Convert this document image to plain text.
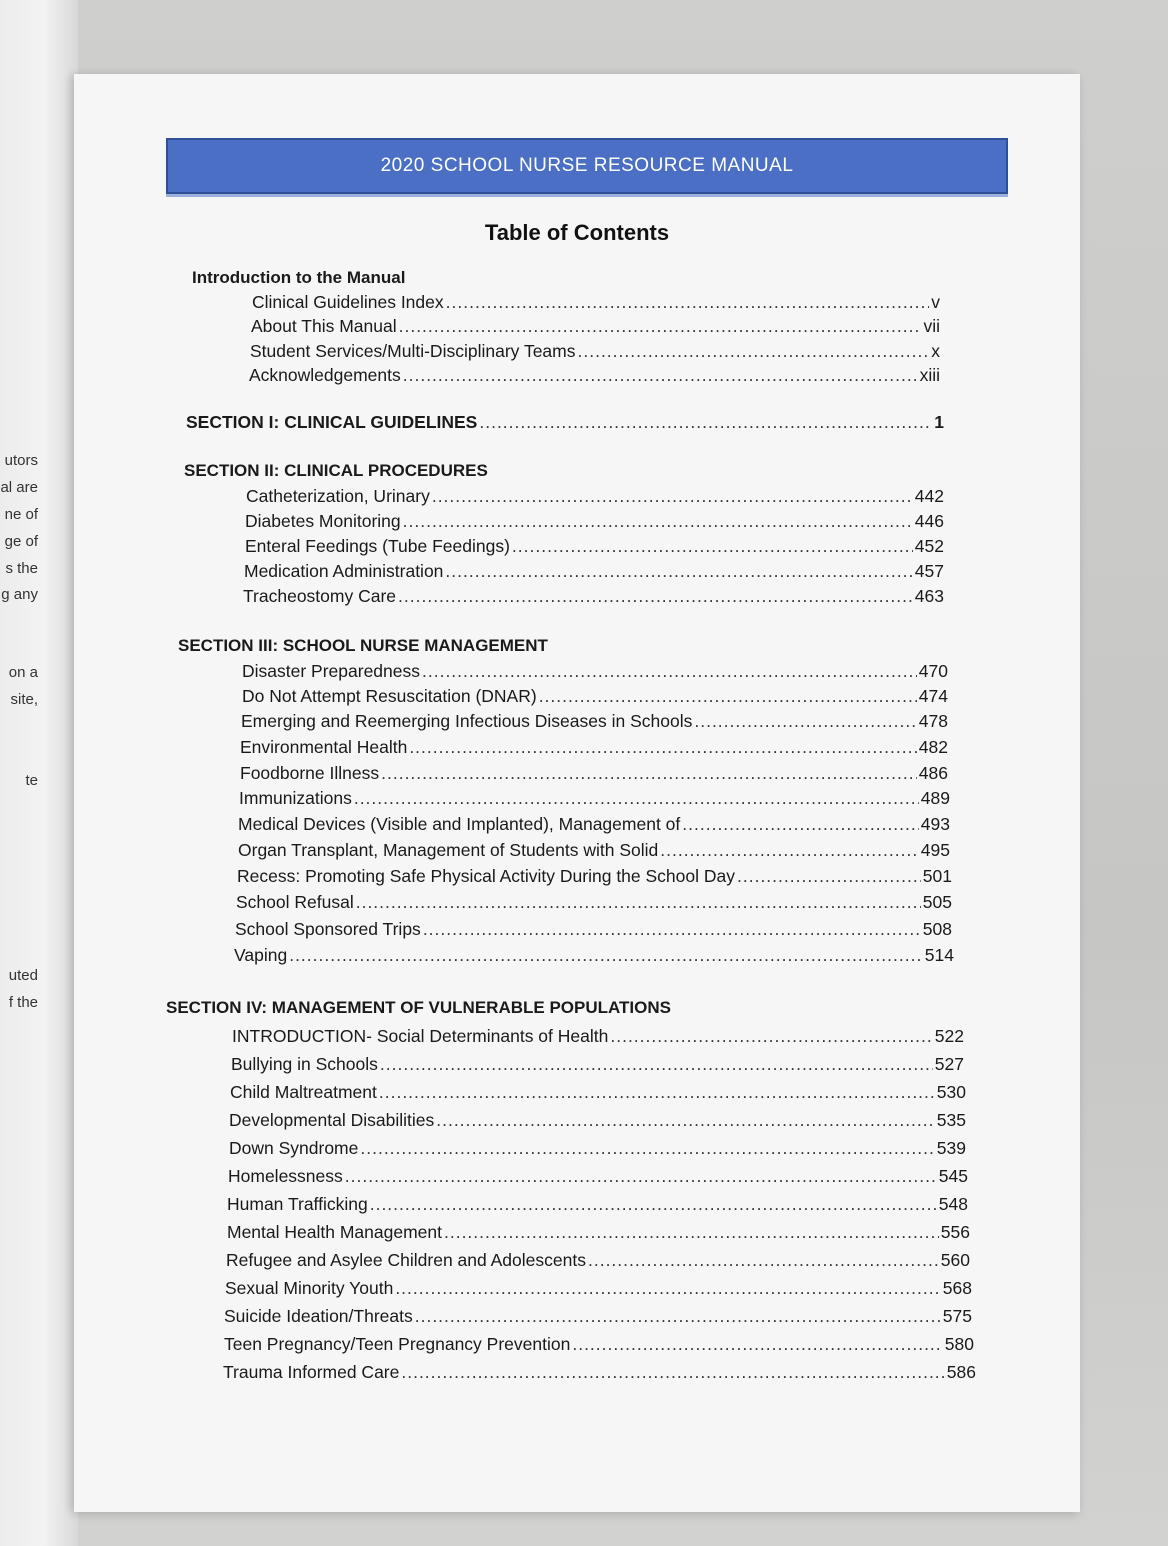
utors
al are
ne of
ge of
s the
g any
on a
site,
te
uted
f the
2020 SCHOOL NURSE RESOURCE MANUAL
Table of Contents
Introduction to the Manual
Clinical Guidelines Index .....	v
About This Manual .....	vii
Student Services/Multi-Disciplinary Teams .....	x
Acknowledgements .....	xiii
SECTION I: CLINICAL GUIDELINES .....	1
SECTION II: CLINICAL PROCEDURES
Catheterization, Urinary .....	442
Diabetes Monitoring .....	446
Enteral Feedings (Tube Feedings) .....	452
Medication Administration .....	457
Tracheostomy Care .....	463
SECTION III: SCHOOL NURSE MANAGEMENT
Disaster Preparedness .....	470
Do Not Attempt Resuscitation (DNAR) .....	474
Emerging and Reemerging Infectious Diseases in Schools .....	478
Environmental Health .....	482
Foodborne Illness .....	486
Immunizations .....	489
Medical Devices (Visible and Implanted), Management of .....	493
Organ Transplant, Management of Students with Solid .....	495
Recess: Promoting Safe Physical Activity During the School Day .....	501
School Refusal .....	505
School Sponsored Trips .....	508
Vaping .....	514
SECTION IV: MANAGEMENT OF VULNERABLE POPULATIONS
INTRODUCTION- Social Determinants of Health .....	522
Bullying in Schools .....	527
Child Maltreatment .....	530
Developmental Disabilities .....	535
Down Syndrome .....	539
Homelessness .....	545
Human Trafficking .....	548
Mental Health Management .....	556
Refugee and Asylee Children and Adolescents .....	560
Sexual Minority Youth .....	568
Suicide Ideation/Threats .....	575
Teen Pregnancy/Teen Pregnancy Prevention .....	580
Trauma Informed Care .....	586
